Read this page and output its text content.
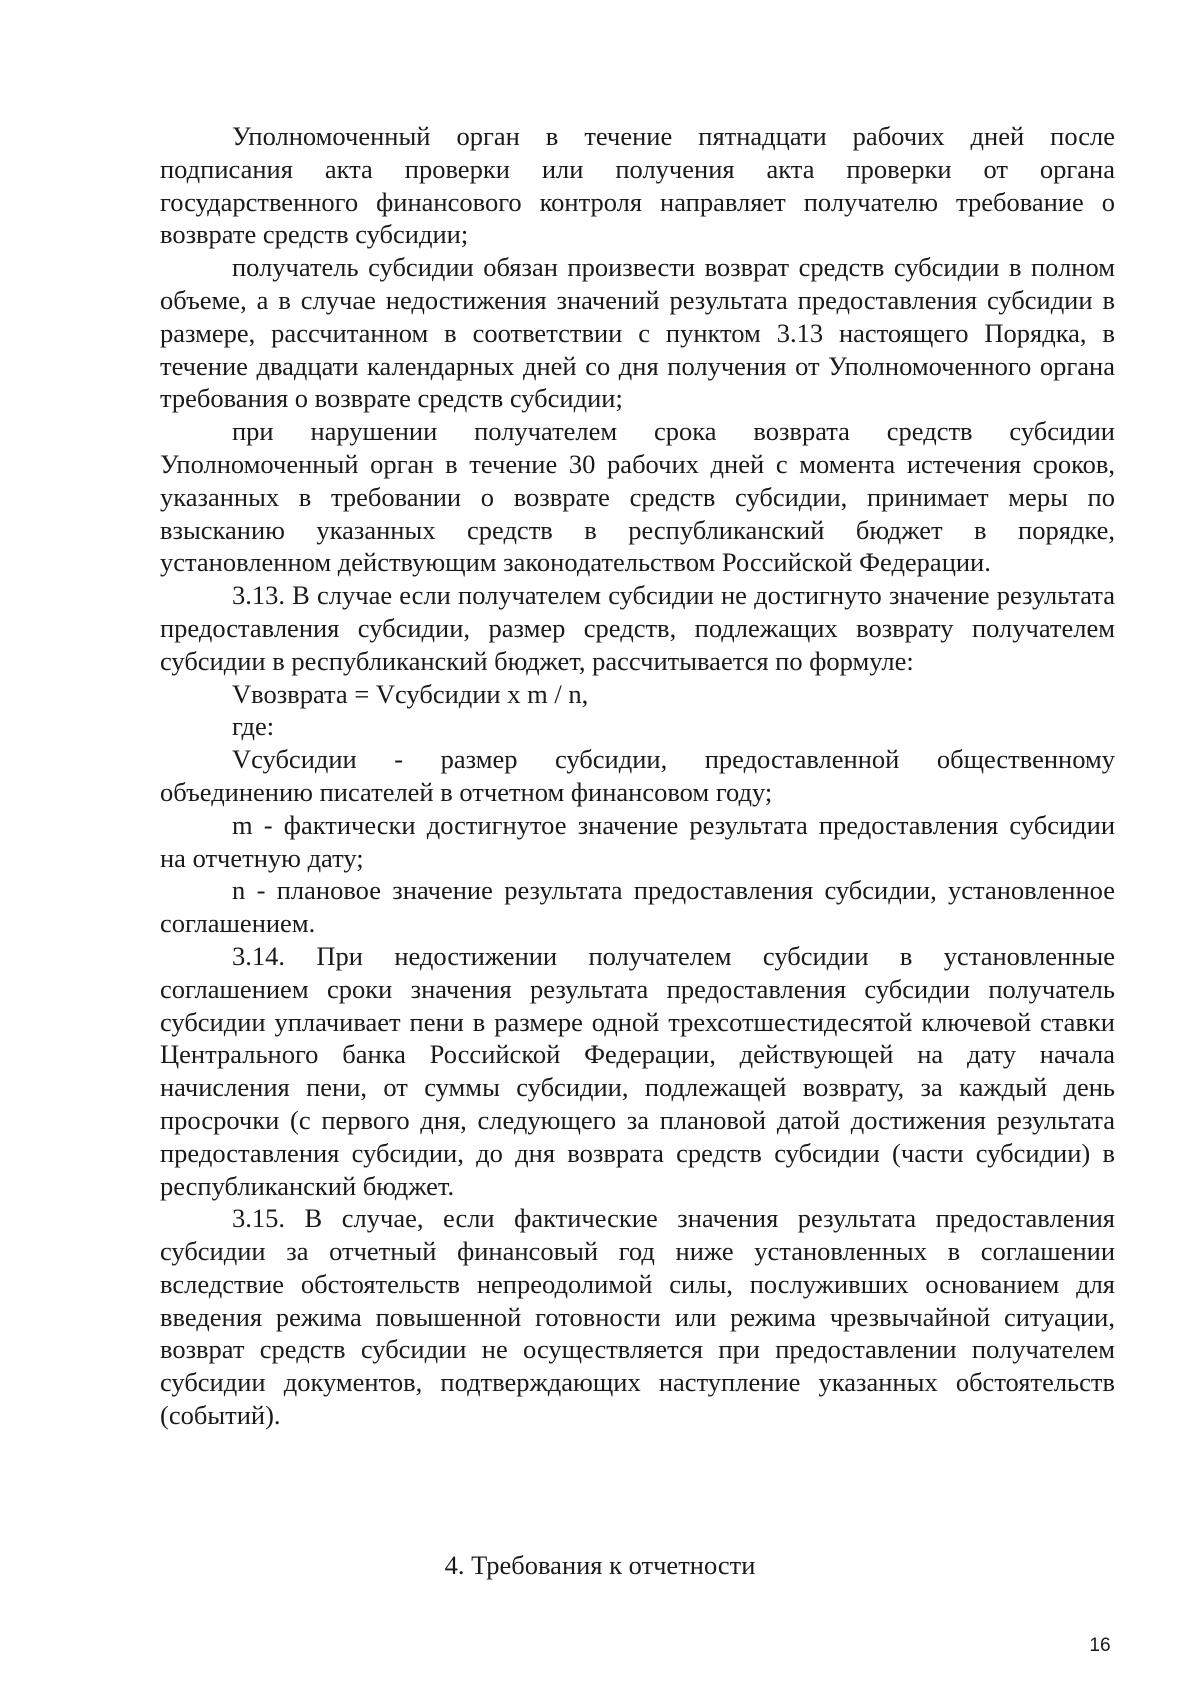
Уполномоченный орган в течение пятнадцати рабочих дней после подписания акта проверки или получения акта проверки от органа государственного финансового контроля направляет получателю требование о возврате средств субсидии;

получатель субсидии обязан произвести возврат средств субсидии в полном объеме, а в случае недостижения значений результата предоставления субсидии в размере, рассчитанном в соответствии с пунктом 3.13 настоящего Порядка, в течение двадцати календарных дней со дня получения от Уполномоченного органа требования о возврате средств субсидии;

при нарушении получателем срока возврата средств субсидии Уполномоченный орган в течение 30 рабочих дней с момента истечения сроков, указанных в требовании о возврате средств субсидии, принимает меры по взысканию указанных средств в республиканский бюджет в порядке, установленном действующим законодательством Российской Федерации.

3.13. В случае если получателем субсидии не достигнуто значение результата предоставления субсидии, размер средств, подлежащих возврату получателем субсидии в республиканский бюджет, рассчитывается по формуле:

Vвозврата = Vсубсидии x m / n,

где:

Vсубсидии - размер субсидии, предоставленной общественному объединению писателей в отчетном финансовом году;

m - фактически достигнутое значение результата предоставления субсидии на отчетную дату;

n - плановое значение результата предоставления субсидии, установленное соглашением.

3.14. При недостижении получателем субсидии в установленные соглашением сроки значения результата предоставления субсидии получатель субсидии уплачивает пени в размере одной трехсотшестидесятой ключевой ставки Центрального банка Российской Федерации, действующей на дату начала начисления пени, от суммы субсидии, подлежащей возврату, за каждый день просрочки (с первого дня, следующего за плановой датой достижения результата предоставления субсидии, до дня возврата средств субсидии (части субсидии) в республиканский бюджет.

3.15. В случае, если фактические значения результата предоставления субсидии за отчетный финансовый год ниже установленных в соглашении вследствие обстоятельств непреодолимой силы, послуживших основанием для введения режима повышенной готовности или режима чрезвычайной ситуации, возврат средств субсидии не осуществляется при предоставлении получателем субсидии документов, подтверждающих наступление указанных обстоятельств (событий).

4. Требования к отчетности
16
